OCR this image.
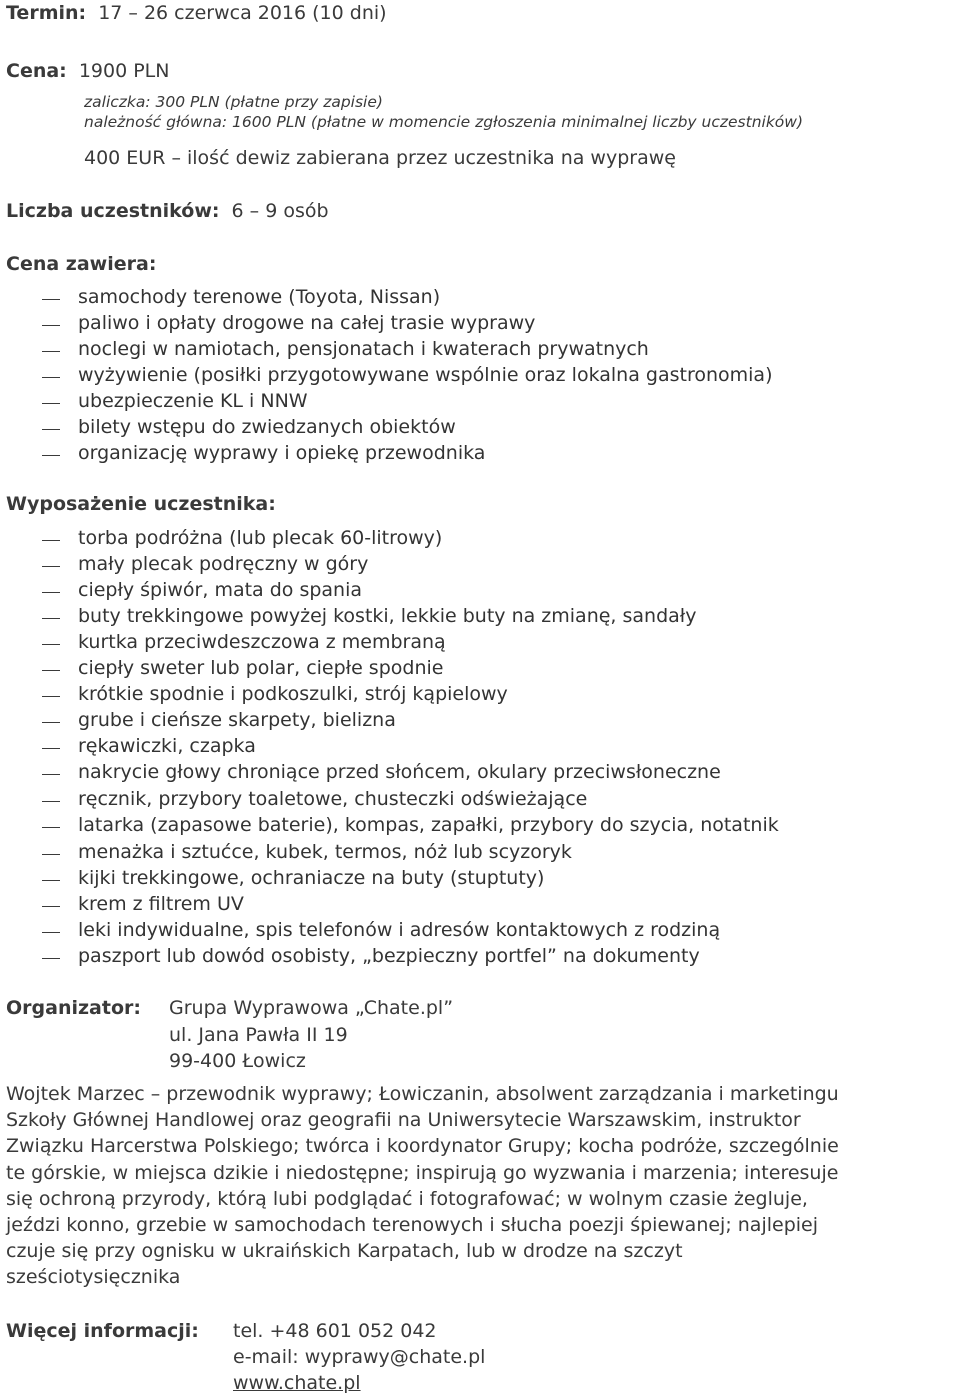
Termin: 17 – 26 czerwca 2016 (10 dni)
Cena: 1900 PLN
zaliczka: 300 PLN (płatne przy zapisie)
należność główna: 1600 PLN (płatne w momencie zgłoszenia minimalnej liczby uczestników)
400 EUR – ilość dewiz zabierana przez uczestnika na wyprawę
Liczba uczestników: 6 – 9 osób
Cena zawiera:
samochody terenowe (Toyota, Nissan)
paliwo i opłaty drogowe na całej trasie wyprawy
noclegi w namiotach, pensjonatach i kwaterach prywatnych
wyżywienie (posiłki przygotowywane wspólnie oraz lokalna gastronomia)
ubezpieczenie KL i NNW
bilety wstępu do zwiedzanych obiektów
organizację wyprawy i opiekę przewodnika
Wyposażenie uczestnika:
torba podróżna (lub plecak 60-litrowy)
mały plecak podręczny w góry
ciepły śpiwór, mata do spania
buty trekkingowe powyżej kostki, lekkie buty na zmianę, sandały
kurtka przeciwdeszczowa z membraną
ciepły sweter lub polar, ciepłe spodnie
krótkie spodnie i podkoszulki, strój kąpielowy
grube i cieńsze skarpety, bielizna
rękawiczki, czapka
nakrycie głowy chroniące przed słońcem, okulary przeciwsłoneczne
ręcznik, przybory toaletowe, chusteczki odświeżające
latarka (zapasowe baterie), kompas, zapałki, przybory do szycia, notatnik
menażka i sztućce, kubek, termos, nóż lub scyzoryk
kijki trekkingowe, ochraniacze na buty (stuptuty)
krem z filtrem UV
leki indywidualne, spis telefonów i adresów kontaktowych z rodziną
paszport lub dowód osobisty, „bezpieczny portfel” na dokumenty
Organizator: Grupa Wyprawowa „Chate.pl”
ul. Jana Pawła II 19
99-400 Łowicz
Wojtek Marzec – przewodnik wyprawy; Łowiczanin, absolwent zarządzania i marketingu
Szkoły Głównej Handlowej oraz geografii na Uniwersytecie Warszawskim, instruktor
Związku Harcerstwa Polskiego; twórca i koordynator Grupy; kocha podróże, szczególnie
te górskie, w miejsca dzikie i niedostępne; inspirują go wyzwania i marzenia; interesuje
się ochroną przyrody, którą lubi podglądać i fotografować; w wolnym czasie żegluje,
jeździ konno, grzebie w samochodach terenowych i słucha poezji śpiewanej; najlepiej
czuje się przy ognisku w ukraińskich Karpatach, lub w drodze na szczyt
sześciotysięcznika
Więcej informacji: tel. +48 601 052 042
e-mail: wyprawy@chate.pl
www.chate.pl
